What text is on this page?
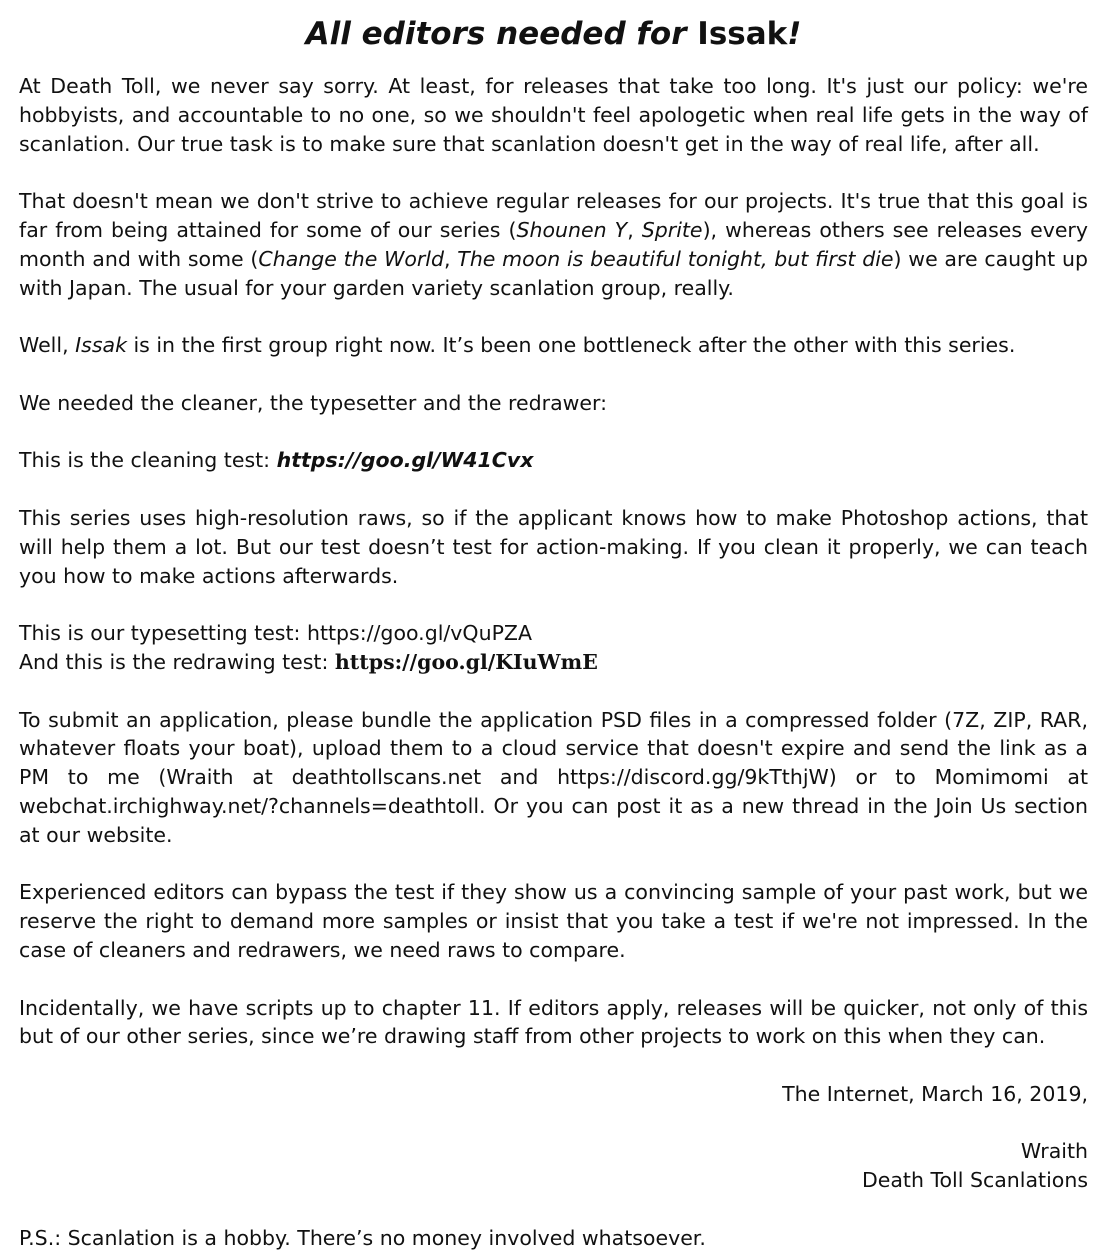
All editors needed for Issak!

At Death Toll, we never say sorry. At least, for releases that take too long. It's just our policy: we're hobbyists, and accountable to no one, so we shouldn't feel apologetic when real life gets in the way of scanlation. Our true task is to make sure that scanlation doesn't get in the way of real life, after all.

That doesn't mean we don't strive to achieve regular releases for our projects. It's true that this goal is far from being attained for some of our series (Shounen Y, Sprite), whereas others see releases every month and with some (Change the World, The moon is beautiful tonight, but first die) we are caught up with Japan. The usual for your garden variety scanlation group, really.

Well, Issak is in the first group right now. It’s been one bottleneck after the other with this series.

We needed the cleaner, the typesetter and the redrawer:

This is the cleaning test: https://goo.gl/W41Cvx

This series uses high-resolution raws, so if the applicant knows how to make Photoshop actions, that will help them a lot. But our test doesn’t test for action-making. If you clean it properly, we can teach you how to make actions afterwards.

This is our typesetting test: https://goo.gl/vQuPZA
And this is the redrawing test: https://goo.gl/KIuWmE

To submit an application, please bundle the application PSD files in a compressed folder (7Z, ZIP, RAR, whatever floats your boat), upload them to a cloud service that doesn't expire and send the link as a PM to me (Wraith at deathtollscans.net and https://discord.gg/9kTthjW) or to Momimomi at webchat.irchighway.net/?channels=deathtoll. Or you can post it as a new thread in the Join Us section at our website.

Experienced editors can bypass the test if they show us a convincing sample of your past work, but we reserve the right to demand more samples or insist that you take a test if we're not impressed. In the case of cleaners and redrawers, we need raws to compare.

Incidentally, we have scripts up to chapter 11. If editors apply, releases will be quicker, not only of this but of our other series, since we’re drawing staff from other projects to work on this when they can.

The Internet, March 16, 2019,

Wraith
Death Toll Scanlations

P.S.: Scanlation is a hobby. There’s no money involved whatsoever.
